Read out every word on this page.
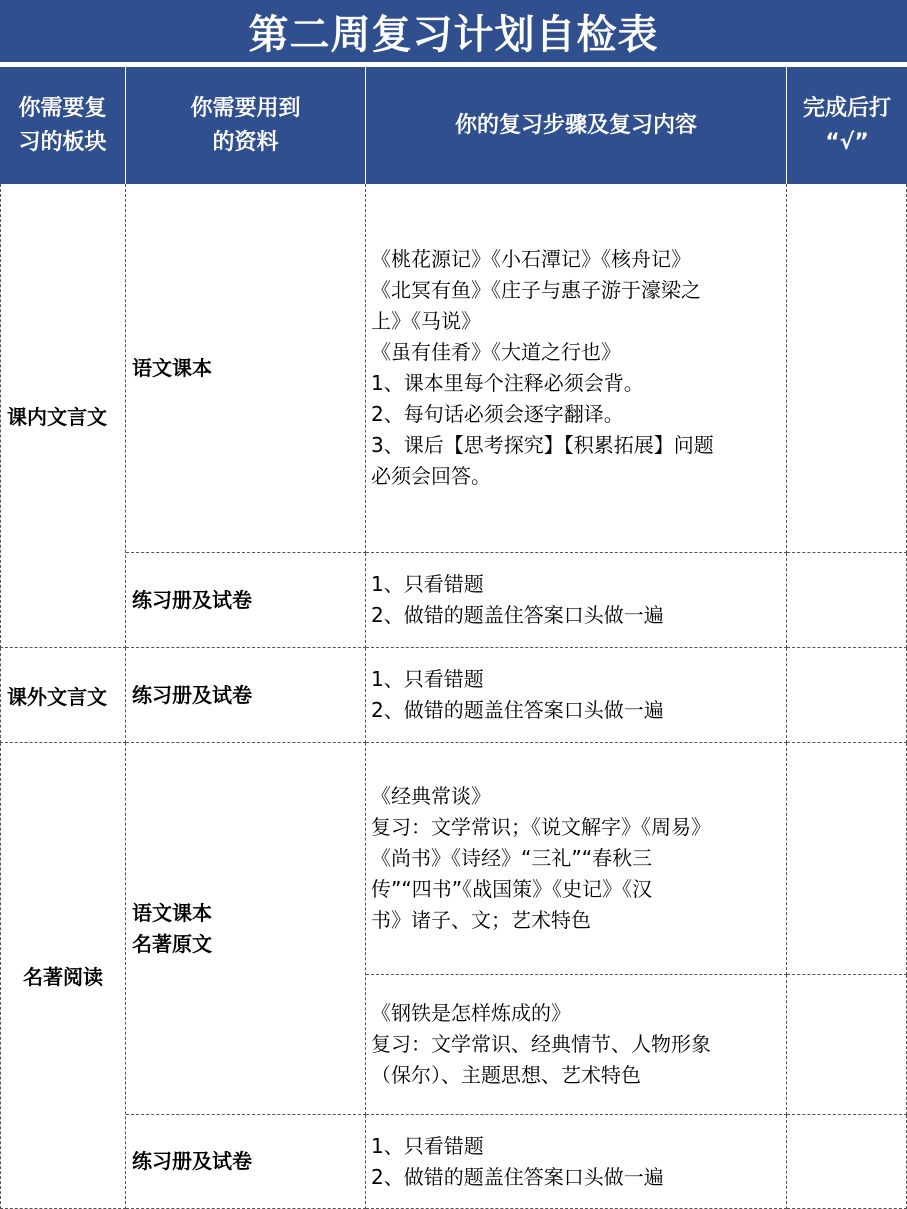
第二周复习计划自检表
你需要复
习的板块
你需要用到
的资料
你的复习步骤及复习内容
完成后打
“√”
课内文言文
语文课本
《桃花源记》《小石潭记》《核舟记》
《北冥有鱼》《庄子与惠子游于濠梁之
上》《马说》
《虽有佳肴》《大道之行也》
1、课本里每个注释必须会背。
2、每句话必须会逐字翻译。
3、课后【思考探究】【积累拓展】问题
必须会回答。
练习册及试卷
1、只看错题
2、做错的题盖住答案口头做一遍
课外文言文 练习册及试卷
1、只看错题
2、做错的题盖住答案口头做一遍
名著阅读
语文课本
名著原文
《经典常谈》
复习：文学常识；《说文解字》《周易》
《尚书》《诗经》“三礼”“春秋三
传”“四书”《战国策》《史记》《汉
书》诸子、文；艺术特色
《钢铁是怎样炼成的》
复习：文学常识、经典情节、人物形象
（保尔）、主题思想、艺术特色
练习册及试卷
1、只看错题
2、做错的题盖住答案口头做一遍
